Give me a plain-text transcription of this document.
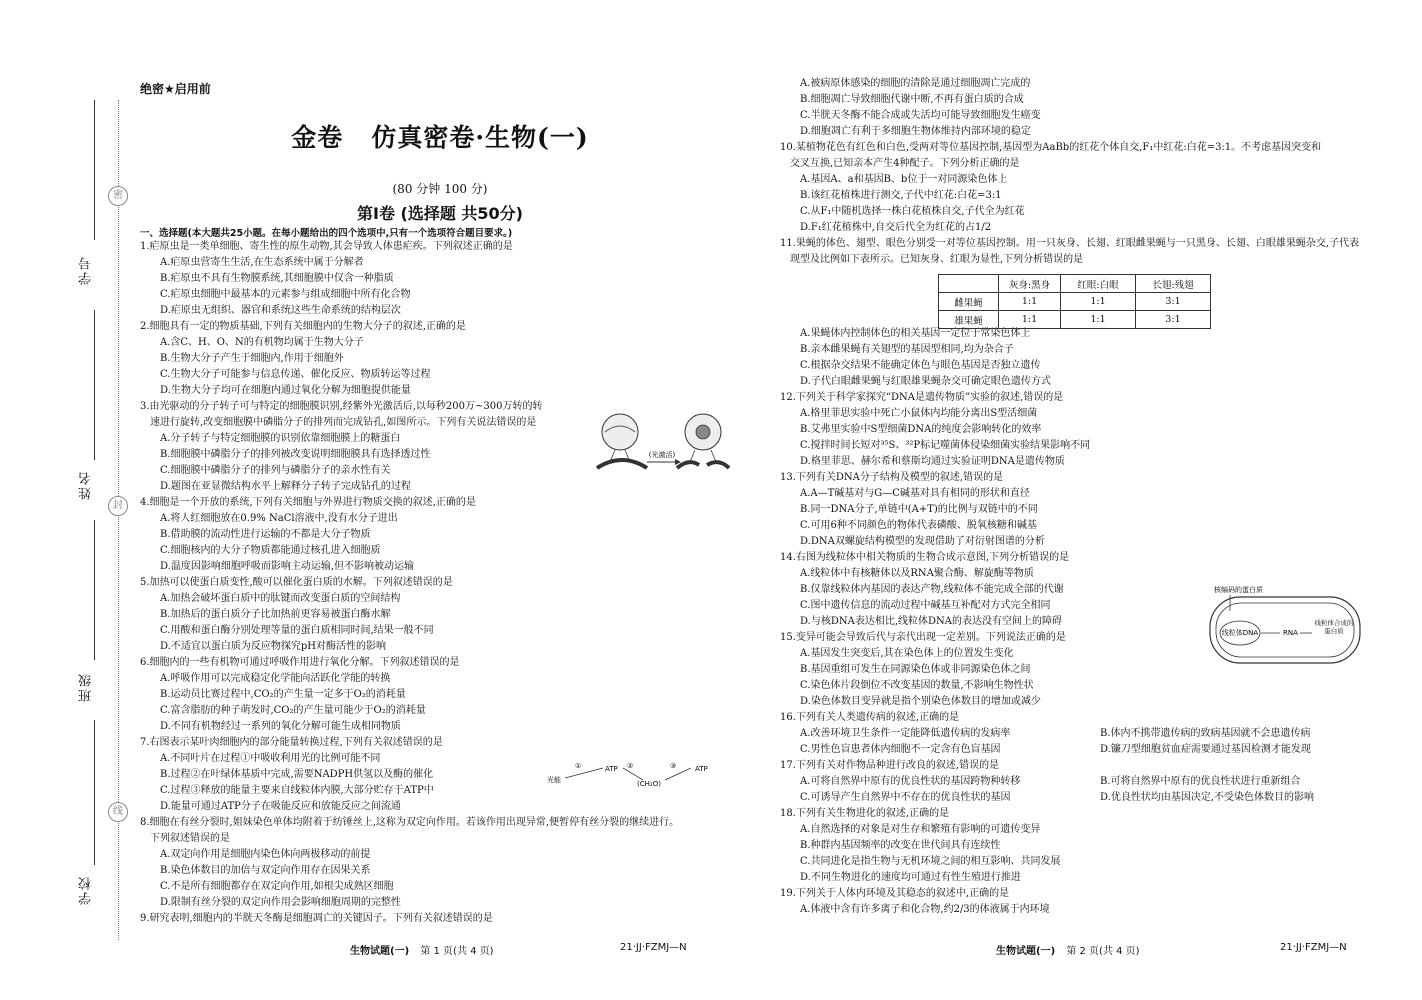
密
封
线
学号
姓名
班级
学校
绝密★启用前
金卷 仿真密卷·生物(一)
(80 分钟 100 分)
第Ⅰ卷 (选择题 共50分)
一、选择题(本大题共25小题。在每小题给出的四个选项中,只有一个选项符合题目要求。)
1.疟原虫是一类单细胞、寄生性的原生动物,其会导致人体患疟疾。下列叙述正确的是
A.疟原虫营寄生生活,在生态系统中属于分解者
B.疟原虫不具有生物膜系统,其细胞膜中仅含一种脂质
C.疟原虫细胞中最基本的元素参与组成细胞中所有化合物
D.疟原虫无组织、器官和系统这些生命系统的结构层次
2.细胞具有一定的物质基础,下列有关细胞内的生物大分子的叙述,正确的是
A.含C、H、O、N的有机物均属于生物大分子
B.生物大分子产生于细胞内,作用于细胞外
C.生物大分子可能参与信息传递、催化反应、物质转运等过程
D.生物大分子均可在细胞内通过氧化分解为细胞提供能量
3.由光驱动的分子转子可与特定的细胞膜识别,经紫外光激活后,以每秒200万~300万转的转
速进行旋转,改变细胞膜中磷脂分子的排列而完成钻孔,如图所示。下列有关说法错误的是
A.分子转子与特定细胞膜的识别依靠细胞膜上的糖蛋白
B.细胞膜中磷脂分子的排列被改变说明细胞膜具有选择透过性
C.细胞膜中磷脂分子的排列与磷脂分子的亲水性有关
D.题图在亚显微结构水平上解释分子转子完成钻孔的过程
4.细胞是一个开放的系统,下列有关细胞与外界进行物质交换的叙述,正确的是
A.将人红细胞放在0.9% NaCl溶液中,没有水分子进出
B.借助膜的流动性进行运输的不都是大分子物质
C.细胞核内的大分子物质都能通过核孔进入细胞质
D.温度因影响细胞呼吸而影响主动运输,但不影响被动运输
5.加热可以使蛋白质变性,酸可以催化蛋白质的水解。下列叙述错误的是
A.加热会破坏蛋白质中的肽键而改变蛋白质的空间结构
B.加热后的蛋白质分子比加热前更容易被蛋白酶水解
C.用酸和蛋白酶分别处理等量的蛋白质相同时间,结果一般不同
D.不适宜以蛋白质为反应物探究pH对酶活性的影响
6.细胞内的一些有机物可通过呼吸作用进行氧化分解。下列叙述错误的是
A.呼吸作用可以完成稳定化学能向活跃化学能的转换
B.运动员比赛过程中,CO₂的产生量一定多于O₂的消耗量
C.富含脂肪的种子萌发时,CO₂的产生量可能少于O₂的消耗量
D.不同有机物经过一系列的氧化分解可能生成相同物质
7.右图表示某叶肉细胞内的部分能量转换过程,下列有关叙述错误的是
A.不同叶片在过程①中吸收利用光的比例可能不同
B.过程②在叶绿体基质中完成,需要NADPH供氢以及酶的催化
C.过程③释放的能量主要来自线粒体内膜,大部分贮存于ATP中
D.能量可通过ATP分子在吸能反应和放能反应之间流通
8.细胞在有丝分裂时,姐妹染色单体均附着于纺锤丝上,这称为双定向作用。若该作用出现异常,便暂停有丝分裂的继续进行。
下列叙述错误的是
A.双定向作用是细胞内染色体向两极移动的前提
B.染色体数目的加倍与双定向作用存在因果关系
C.不是所有细胞都存在双定向作用,如根尖成熟区细胞
D.限制有丝分裂的双定向作用会影响细胞周期的完整性
9.研究表明,细胞内的半胱天冬酶是细胞凋亡的关键因子。下列有关叙述错误的是
(光激活)
光能
①	ATP ②
(CH₂O)
③	ATP
生物试题(一) 第 1 页(共 4 页)	21·JJ·FZMJ—N
A.被病原体感染的细胞的清除是通过细胞凋亡完成的
B.细胞凋亡导致细胞代谢中断,不再有蛋白质的合成
C.半胱天冬酶不能合成或失活均可能导致细胞发生癌变
D.细胞凋亡有利于多细胞生物体维持内部环境的稳定
10.某植物花色有红色和白色,受两对等位基因控制,基因型为AaBb的红花个体自交,F₁中红花:白花=3:1。不考虑基因突变和
交叉互换,已知亲本产生4种配子。下列分析正确的是
A.基因A、a和基因B、b位于一对同源染色体上
B.该红花植株进行测交,子代中红花:白花=3:1
C.从F₁中随机选择一株白花植株自交,子代全为红花
D.F₁红花植株中,自交后代全为红花的占1/2
11.果蝇的体色、翅型、眼色分别受一对等位基因控制。用一只灰身、长翅、红眼雌果蝇与一只黑身、长翅、白眼雄果蝇杂交,子代表
现型及比例如下表所示。已知灰身、红眼为显性,下列分析错误的是
A.果蝇体内控制体色的相关基因一定位于常染色体上
B.亲本雌果蝇有关翅型的基因型相同,均为杂合子
C.根据杂交结果不能确定体色与眼色基因是否独立遗传
D.子代白眼雌果蝇与红眼雄果蝇杂交可确定眼色遗传方式
12.下列关于科学家探究“DNA是遗传物质”实验的叙述,错误的是
A.格里菲思实验中死亡小鼠体内均能分离出S型活细菌
B.艾弗里实验中S型细菌DNA的纯度会影响转化的效率
C.搅拌时间长短对³⁵S、³²P标记噬菌体侵染细菌实验结果影响不同
D.格里菲思、赫尔希和蔡斯均通过实验证明DNA是遗传物质
13.下列有关DNA分子结构及模型的叙述,错误的是
A.A—T碱基对与G—C碱基对具有相同的形状和直径
B.同一DNA分子,单链中(A+T)的比例与双链中的不同
C.可用6种不同颜色的物体代表磷酸、脱氧核糖和碱基
D.DNA双螺旋结构模型的发现借助了对衍射图谱的分析
14.右图为线粒体中相关物质的生物合成示意图,下列分析错误的是
A.线粒体中有核糖体以及RNA聚合酶、解旋酶等物质
B.仅靠线粒体内基因的表达产物,线粒体不能完成全部的代谢
C.图中遗传信息的流动过程中碱基互补配对方式完全相同
D.与核DNA表达相比,线粒体DNA的表达没有空间上的障碍
15.变异可能会导致后代与亲代出现一定差别。下列说法正确的是
A.基因发生突变后,其在染色体上的位置发生变化
B.基因重组可发生在同源染色体或非同源染色体之间
C.染色体片段倒位不改变基因的数量,不影响生物性状
D.染色体数目变异就是指个别染色体数目的增加或减少
16.下列有关人类遗传病的叙述,正确的是
A.改善环境卫生条件一定能降低遗传病的发病率	B.体内不携带遗传病的致病基因就不会患遗传病
C.男性色盲患者体内细胞不一定含有色盲基因	D.镰刀型细胞贫血症需要通过基因检测才能发现
17.下列有关对作物品种进行改良的叙述,错误的是
A.可将自然界中原有的优良性状的基因跨物种转移	B.可将自然界中原有的优良性状进行重新组合
C.可诱导产生自然界中不存在的优良性状的基因	D.优良性状均由基因决定,不受染色体数目的影响
18.下列有关生物进化的叙述,正确的是
A.自然选择的对象是对生存和繁殖有影响的可遗传变异
B.种群内基因频率的改变在世代间具有连续性
C.共同进化是指生物与无机环境之间的相互影响、共同发展
D.不同生物进化的速度均可通过有性生殖进行推进
19.下列关于人体内环境及其稳态的叙述中,正确的是
A.体液中含有许多离子和化合物,约2/3的体液属于内环境
	灰身:黑身	红眼:白眼	长翅:残翅
雌果蝇	1:1	1:1	3:1
雄果蝇	1:1	1:1	3:1
核编码的蛋白质
线粒体DNA	RNA
线粒体合成的蛋白质
生物试题(一) 第 2 页(共 4 页)	21·JJ·FZMJ—N
